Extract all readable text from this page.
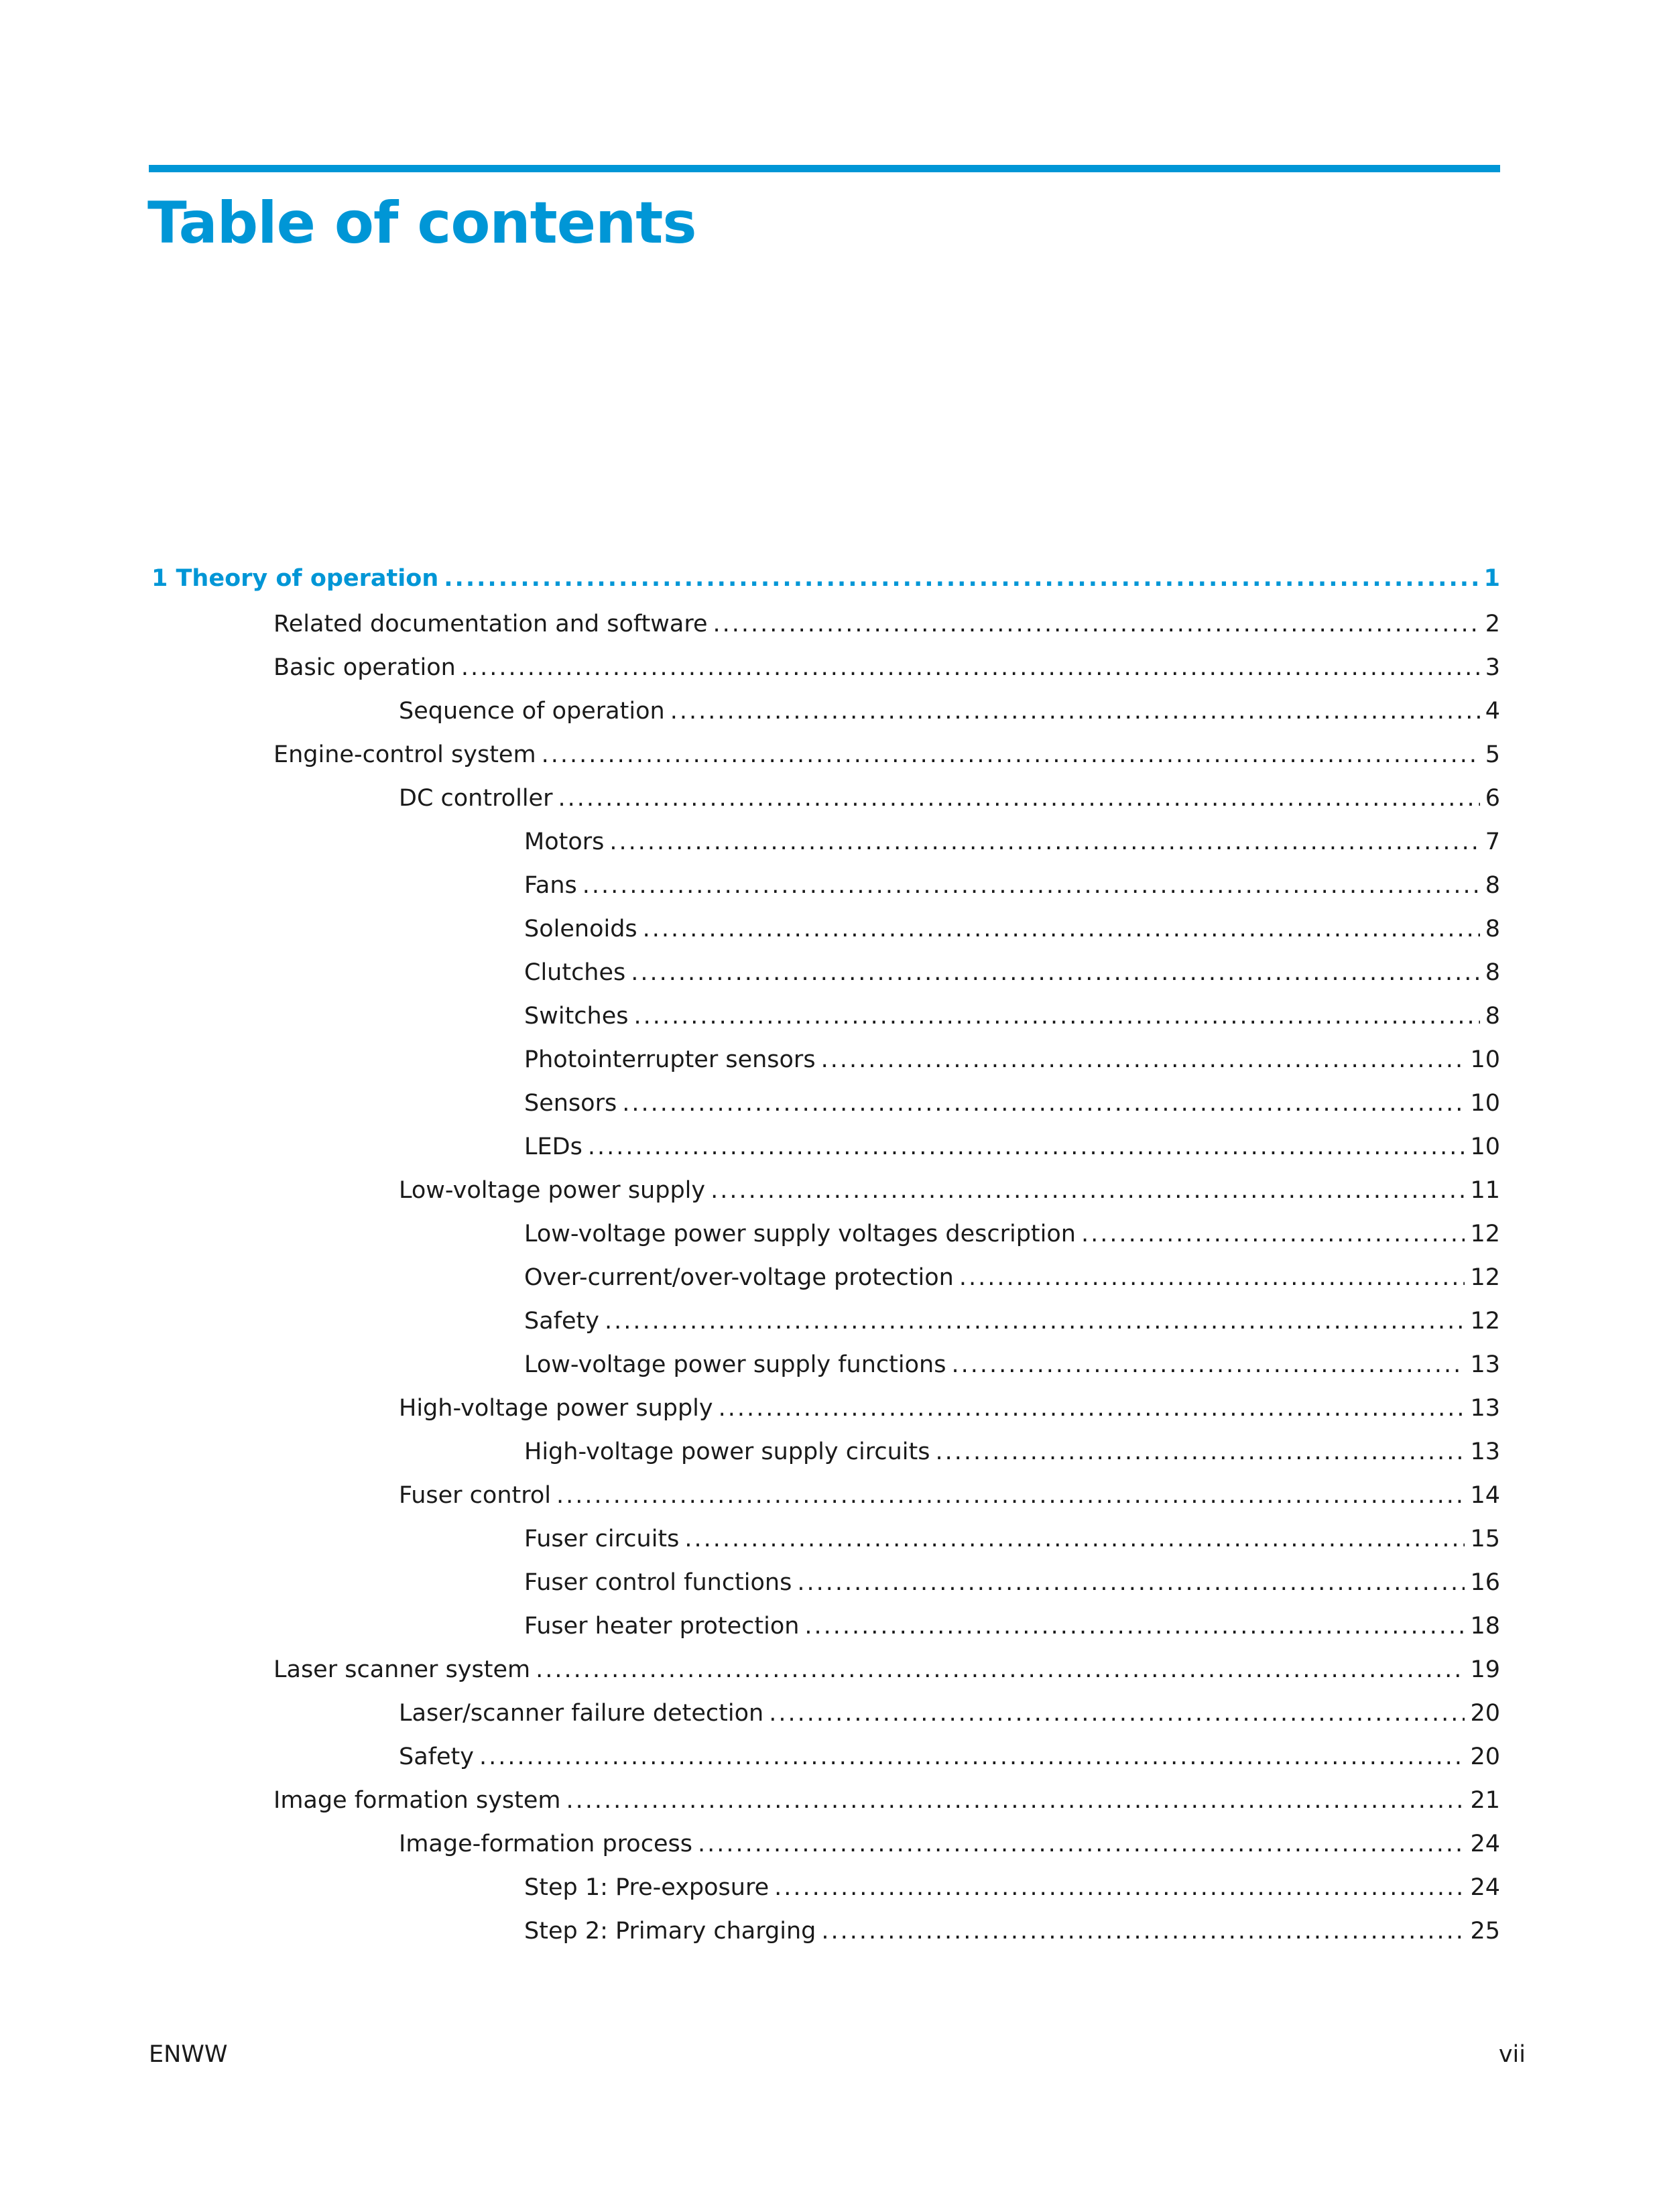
Table of contents
1 Theory of operation .....	1
Related documentation and software .....	2
Basic operation .....	3
Sequence of operation .....	4
Engine-control system .....	5
DC controller .....	6
Motors .....	7
Fans .....	8
Solenoids .....	8
Clutches .....	8
Switches .....	8
Photointerrupter sensors .....	10
Sensors .....	10
LEDs .....	10
Low-voltage power supply .....	11
Low-voltage power supply voltages description .....	12
Over-current/over-voltage protection .....	12
Safety .....	12
Low-voltage power supply functions .....	13
High-voltage power supply .....	13
High-voltage power supply circuits .....	13
Fuser control .....	14
Fuser circuits .....	15
Fuser control functions .....	16
Fuser heater protection .....	18
Laser scanner system .....	19
Laser/scanner failure detection .....	20
Safety .....	20
Image formation system .....	21
Image-formation process .....	24
Step 1: Pre-exposure .....	24
Step 2: Primary charging .....	25
ENWW	vii
